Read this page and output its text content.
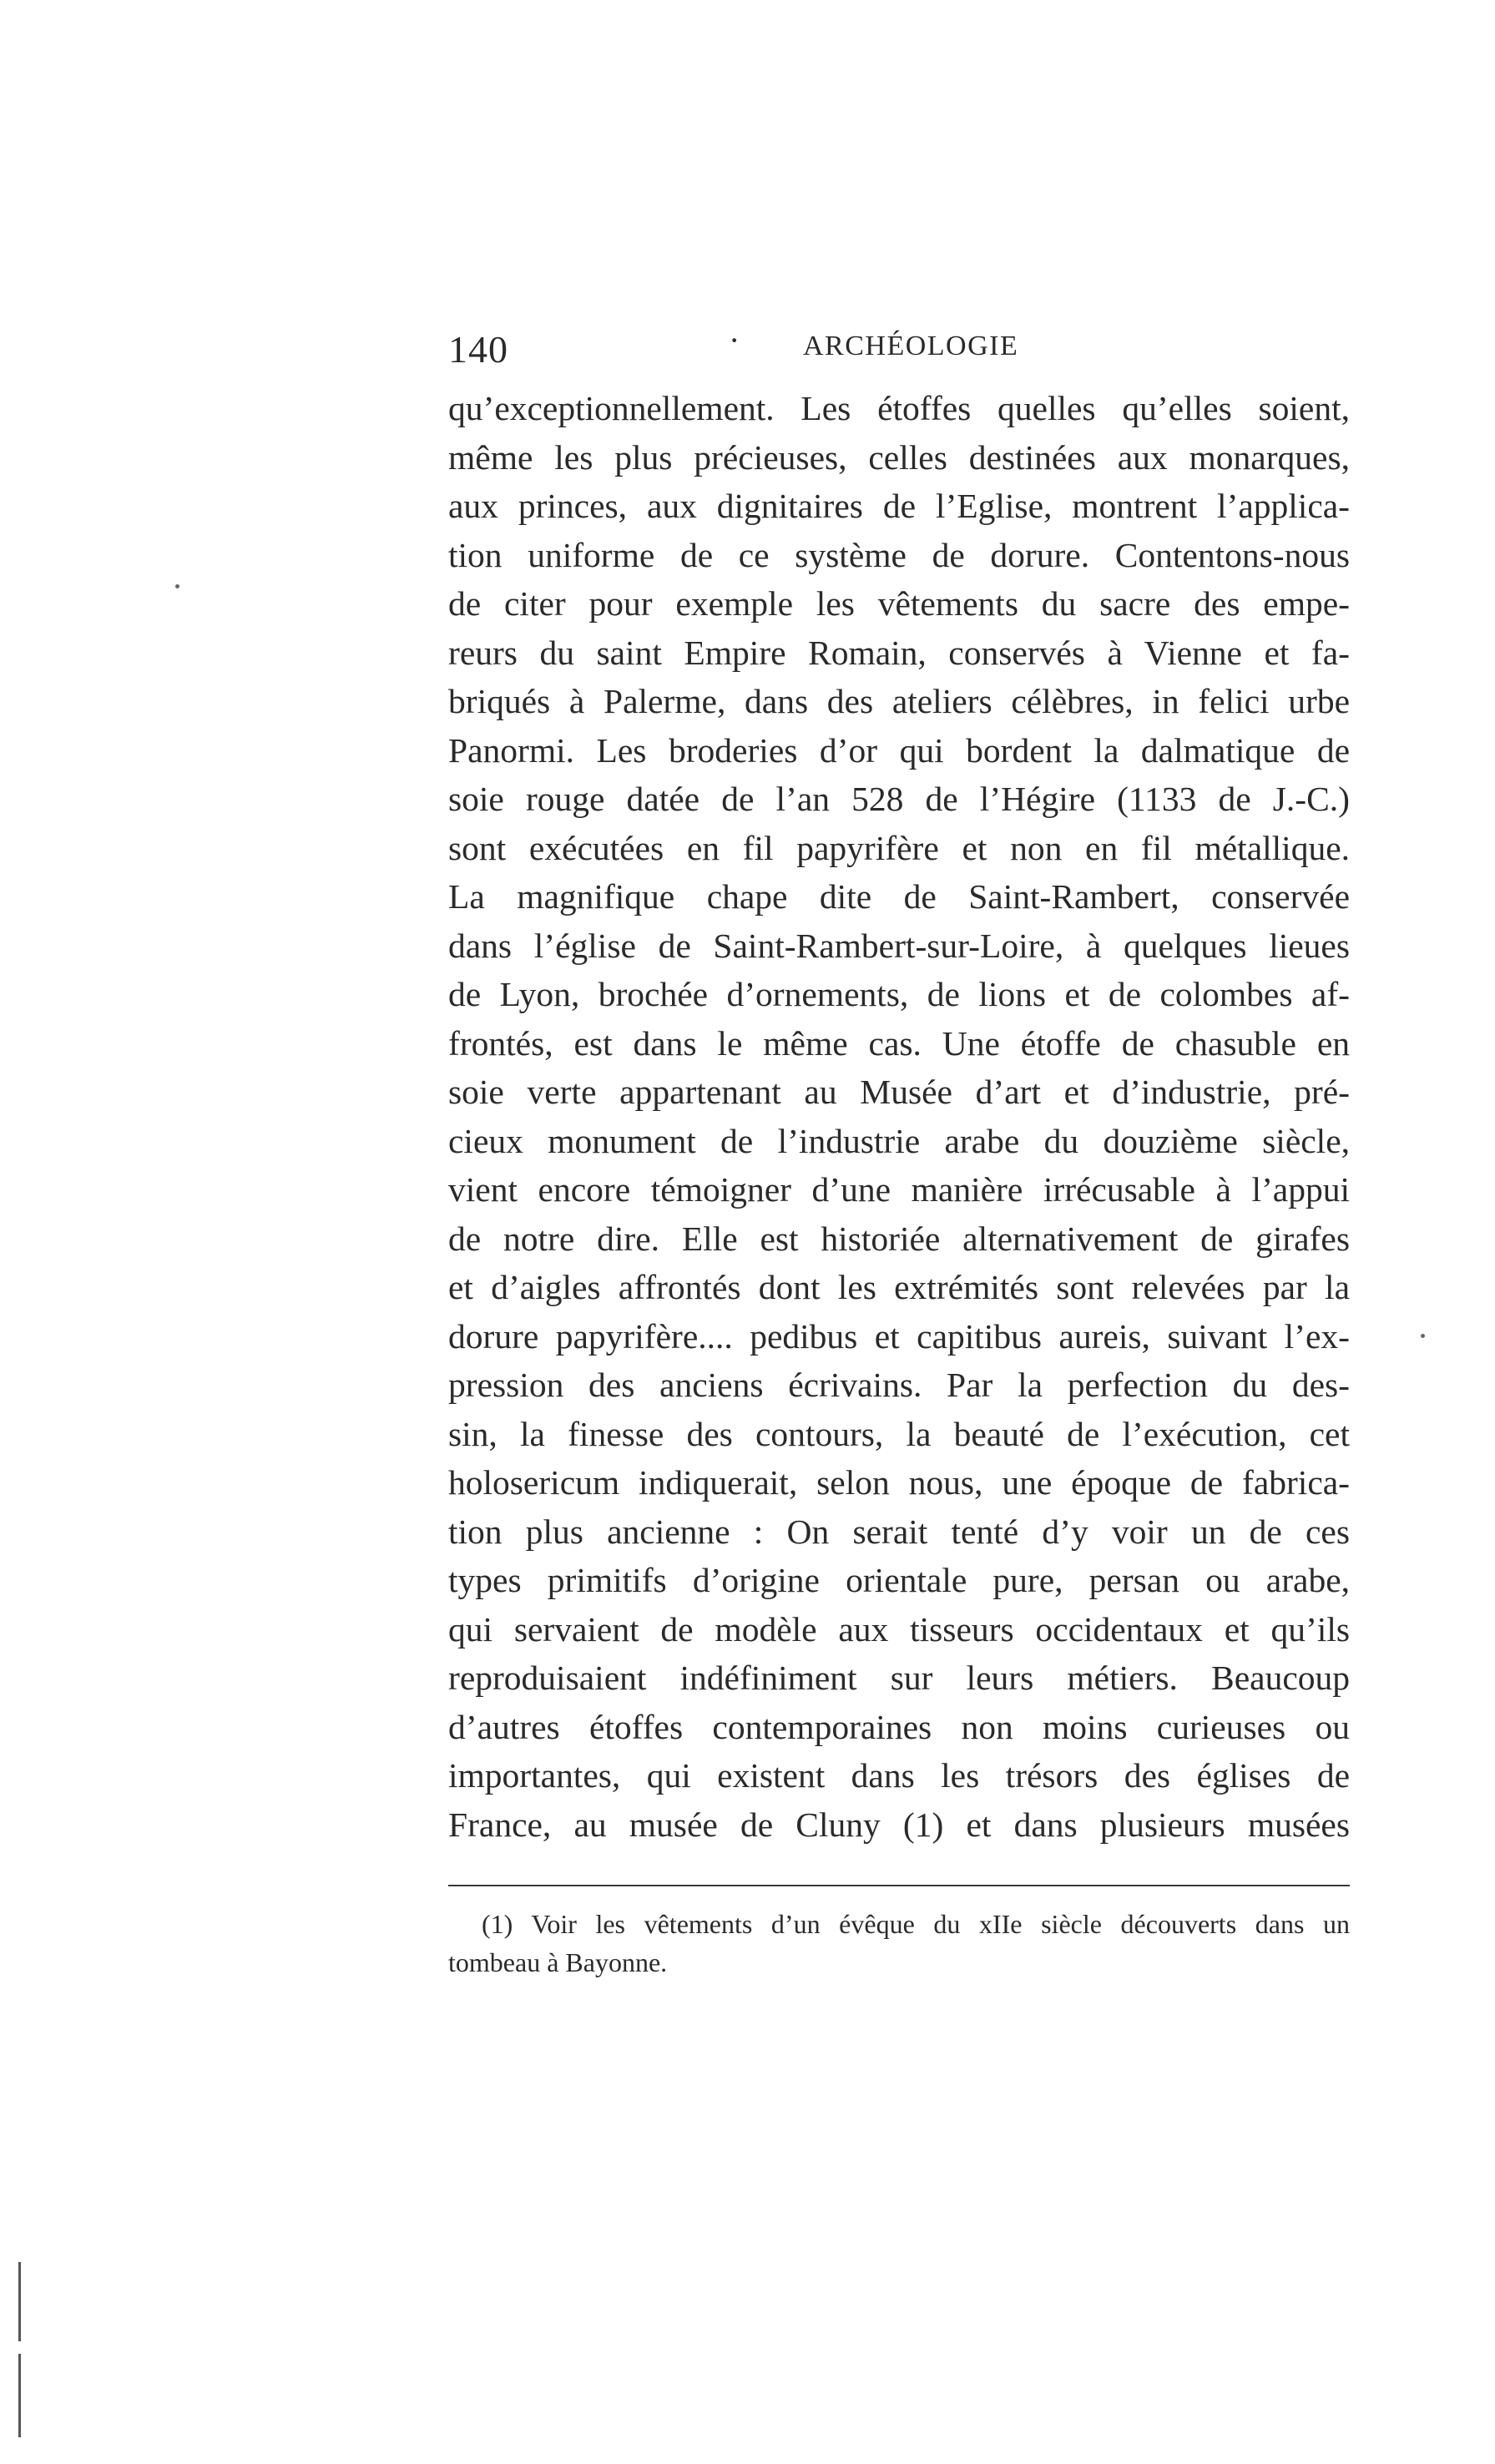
140	· ARCHÉOLOGIE
qu’exceptionnellement. Les étoffes quelles qu’elles soient,
même les plus précieuses, celles destinées aux monarques,
aux princes, aux dignitaires de l’Eglise, montrent l’applica-
tion uniforme de ce système de dorure. Contentons-nous
de citer pour exemple les vêtements du sacre des empe-
reurs du saint Empire Romain, conservés à Vienne et fa-
briqués à Palerme, dans des ateliers célèbres, in felici urbe
Panormi. Les broderies d’or qui bordent la dalmatique de
soie rouge datée de l’an 528 de l’Hégire (1133 de J.-C.)
sont exécutées en fil papyrifère et non en fil métallique.
La magnifique chape dite de Saint-Rambert, conservée
dans l’église de Saint-Rambert-sur-Loire, à quelques lieues
de Lyon, brochée d’ornements, de lions et de colombes af-
frontés, est dans le même cas. Une étoffe de chasuble en
soie verte appartenant au Musée d’art et d’industrie, pré-
cieux monument de l’industrie arabe du douzième siècle,
vient encore témoigner d’une manière irrécusable à l’appui
de notre dire. Elle est historiée alternativement de girafes
et d’aigles affrontés dont les extrémités sont relevées par la
dorure papyrifère.... pedibus et capitibus aureis, suivant l’ex-
pression des anciens écrivains. Par la perfection du des-
sin, la finesse des contours, la beauté de l’exécution, cet
holosericum indiquerait, selon nous, une époque de fabrica-
tion plus ancienne : On serait tenté d’y voir un de ces
types primitifs d’origine orientale pure, persan ou arabe,
qui servaient de modèle aux tisseurs occidentaux et qu’ils
reproduisaient indéfiniment sur leurs métiers. Beaucoup
d’autres étoffes contemporaines non moins curieuses ou
importantes, qui existent dans les trésors des églises de
France, au musée de Cluny (1) et dans plusieurs musées
(1) Voir les vêtements d’un évêque du xIIe siècle découverts dans un
tombeau à Bayonne.
